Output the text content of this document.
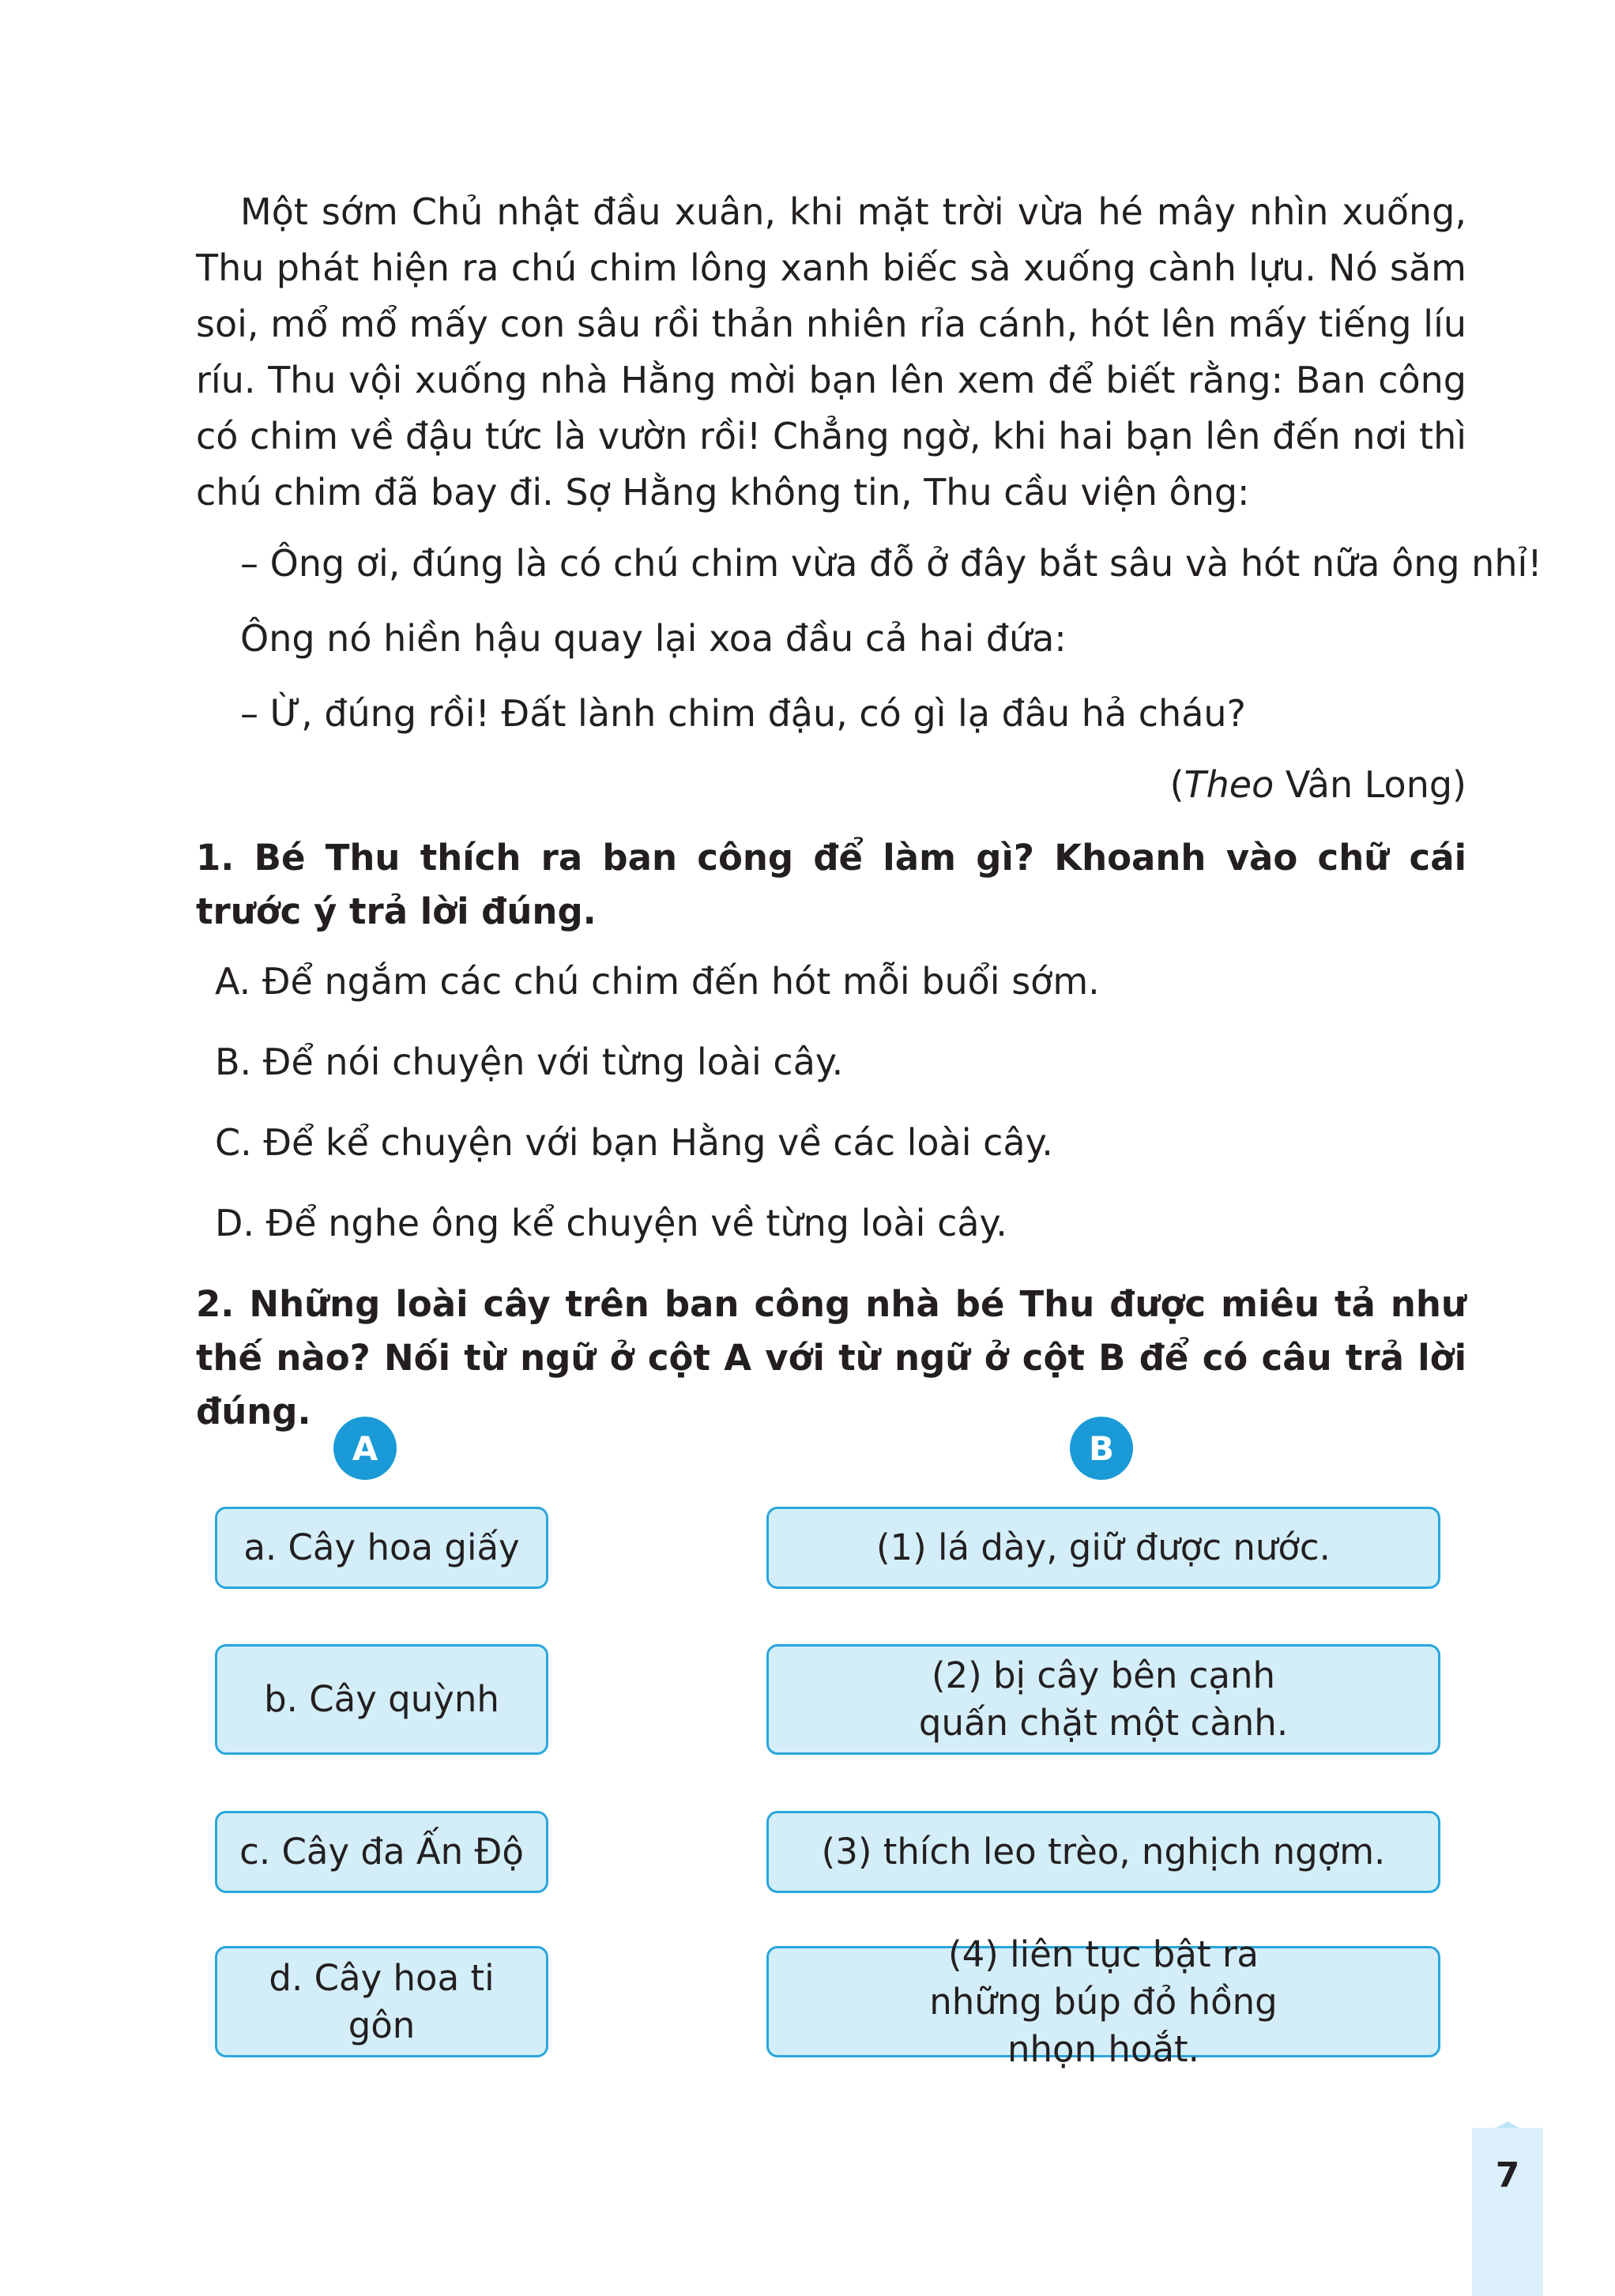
Một sớm Chủ nhật đầu xuân, khi mặt trời vừa hé mây nhìn xuống, Thu phát hiện ra chú chim lông xanh biếc sà xuống cành lựu. Nó săm soi, mổ mổ mấy con sâu rồi thản nhiên rỉa cánh, hót lên mấy tiếng líu ríu. Thu vội xuống nhà Hằng mời bạn lên xem để biết rằng: Ban công có chim về đậu tức là vườn rồi! Chẳng ngờ, khi hai bạn lên đến nơi thì chú chim đã bay đi. Sợ Hằng không tin, Thu cầu viện ông:

– Ông ơi, đúng là có chú chim vừa đỗ ở đây bắt sâu và hót nữa ông nhỉ!
Ông nó hiền hậu quay lại xoa đầu cả hai đứa:
– Ừ, đúng rồi! Đất lành chim đậu, có gì lạ đâu hả cháu?
(Theo Vân Long)

1. Bé Thu thích ra ban công để làm gì? Khoanh vào chữ cái trước ý trả lời đúng.

A. Để ngắm các chú chim đến hót mỗi buổi sớm.
B. Để nói chuyện với từng loài cây.
C. Để kể chuyện với bạn Hằng về các loài cây.
D. Để nghe ông kể chuyện về từng loài cây.

2. Những loài cây trên ban công nhà bé Thu được miêu tả như thế nào? Nối từ ngữ ở cột A với từ ngữ ở cột B để có câu trả lời đúng.

A	B
a. Cây hoa giấy
b. Cây quỳnh
c. Cây đa Ấn Độ
d. Cây hoa ti gôn
(1) lá dày, giữ được nước.
(2) bị cây bên cạnh quấn chặt một cành.
(3) thích leo trèo, nghịch ngợm.
(4) liên tục bật ra những búp đỏ hồng nhọn hoắt.
7
